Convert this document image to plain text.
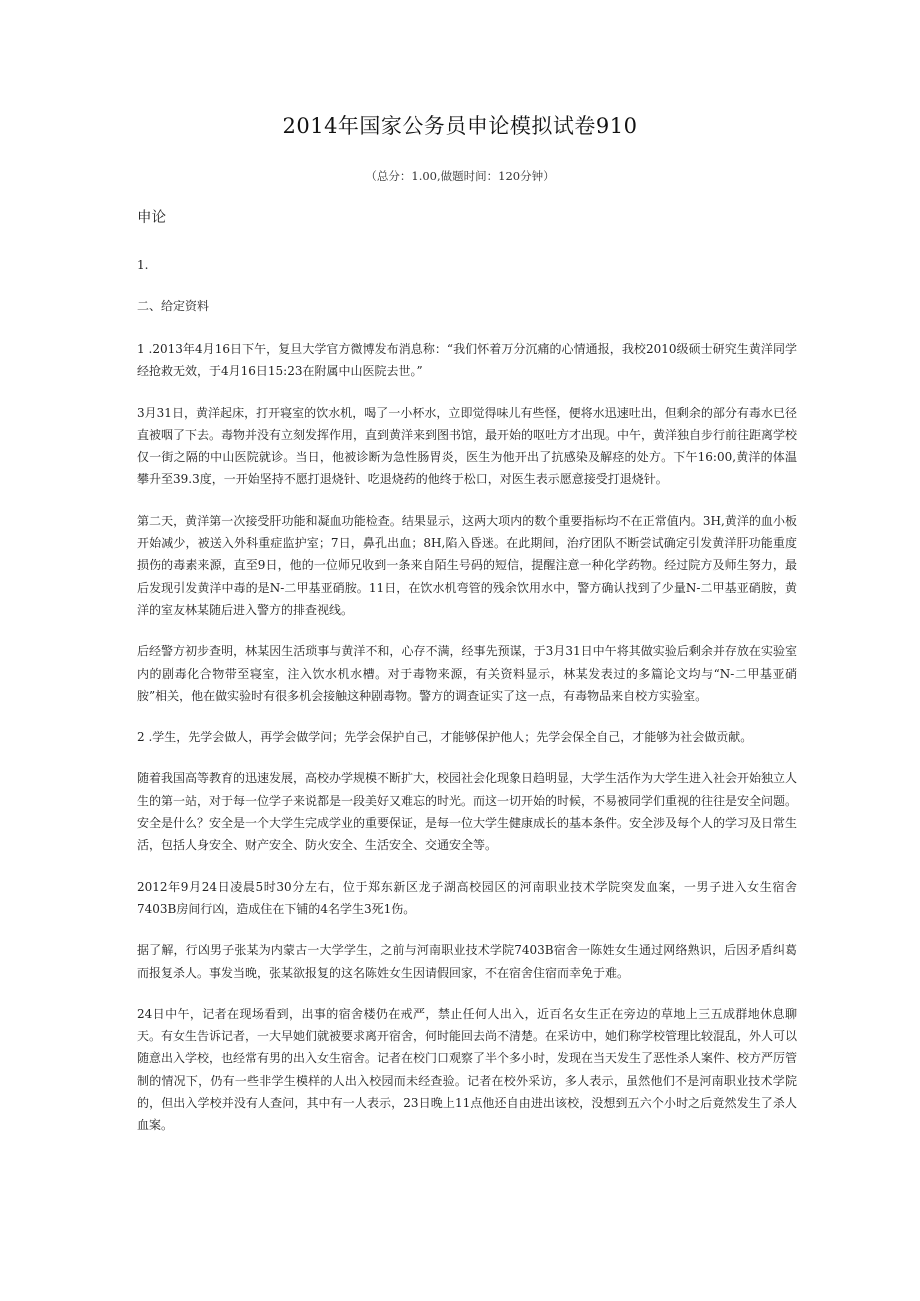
2014年国家公务员申论模拟试卷910
（总分：1.00,做题时间：120分钟）
申论
1.
二、给定资料

1 .2013年4月16日下午，复旦大学官方微博发布消息称：“我们怀着万分沉痛的心情通报，我校2010级硕士研究生黄洋同学经抢救无效，于4月16日15:23在附属中山医院去世。”

3月31日，黄洋起床，打开寝室的饮水机，喝了一小杯水，立即觉得味儿有些怪，便将水迅速吐出，但剩余的部分有毒水已径直被咽了下去。毒物并没有立刻发挥作用，直到黄洋来到图书馆，最开始的呕吐方才出现。中午，黄洋独自步行前往距离学校仅一街之隔的中山医院就诊。当日，他被诊断为急性肠胃炎，医生为他开出了抗感染及解痉的处方。下午16:00,黄洋的体温攀升至39.3度，一开始坚持不愿打退烧针、吃退烧药的他终于松口，对医生表示愿意接受打退烧针。

第二天，黄洋第一次接受肝功能和凝血功能检查。结果显示，这两大项内的数个重要指标均不在正常值内。3H,黄洋的血小板开始减少，被送入外科重症监护室；7日，鼻孔出血；8H,陷入昏迷。在此期间，治疗团队不断尝试确定引发黄洋肝功能重度损伤的毒素来源，直至9日，他的一位师兄收到一条来自陌生号码的短信，提醒注意一种化学药物。经过院方及师生努力，最后发现引发黄洋中毒的是N-二甲基亚硝胺。11日，在饮水机弯管的残余饮用水中，警方确认找到了少量N-二甲基亚硝胺，黄洋的室友林某随后进入警方的排查视线。

后经警方初步查明，林某因生活琐事与黄洋不和，心存不满，经事先预谋，于3月31日中午将其做实验后剩余并存放在实验室内的剧毒化合物带至寝室，注入饮水机水槽。对于毒物来源，有关资料显示，林某发表过的多篇论文均与“N-二甲基亚硝胺”相关，他在做实验时有很多机会接触这种剧毒物。警方的调查证实了这一点，有毒物品来自校方实验室。

2 .学生，先学会做人，再学会做学问；先学会保护自己，才能够保护他人；先学会保全自己，才能够为社会做贡献。

随着我国高等教育的迅速发展，高校办学规模不断扩大，校园社会化现象日趋明显，大学生活作为大学生进入社会开始独立人生的第一站，对于每一位学子来说都是一段美好又难忘的时光。而这一切开始的时候，不易被同学们重视的往往是安全问题。安全是什么？安全是一个大学生完成学业的重要保证，是每一位大学生健康成长的基本条件。安全涉及每个人的学习及日常生活，包括人身安全、财产安全、防火安全、生活安全、交通安全等。

2012年9月24日凌晨5时30分左右，位于郑东新区龙子湖高校园区的河南职业技术学院突发血案，一男子进入女生宿舍7403B房间行凶，造成住在下铺的4名学生3死1伤。

据了解，行凶男子张某为内蒙古一大学学生，之前与河南职业技术学院7403B宿舍一陈姓女生通过网络熟识，后因矛盾纠葛而报复杀人。事发当晚，张某欲报复的这名陈姓女生因请假回家，不在宿舍住宿而幸免于难。

24日中午，记者在现场看到，出事的宿舍楼仍在戒严，禁止任何人出入，近百名女生正在旁边的草地上三五成群地休息聊天。有女生告诉记者，一大早她们就被要求离开宿舍，何时能回去尚不清楚。在采访中，她们称学校管理比较混乱，外人可以随意出入学校，也经常有男的出入女生宿舍。记者在校门口观察了半个多小时，发现在当天发生了恶性杀人案件、校方严厉管制的情况下，仍有一些非学生模样的人出入校园而未经查验。记者在校外采访，多人表示，虽然他们不是河南职业技术学院的，但出入学校并没有人查问，其中有一人表示，23日晚上11点他还自由进出该校，没想到五六个小时之后竟然发生了杀人血案。
